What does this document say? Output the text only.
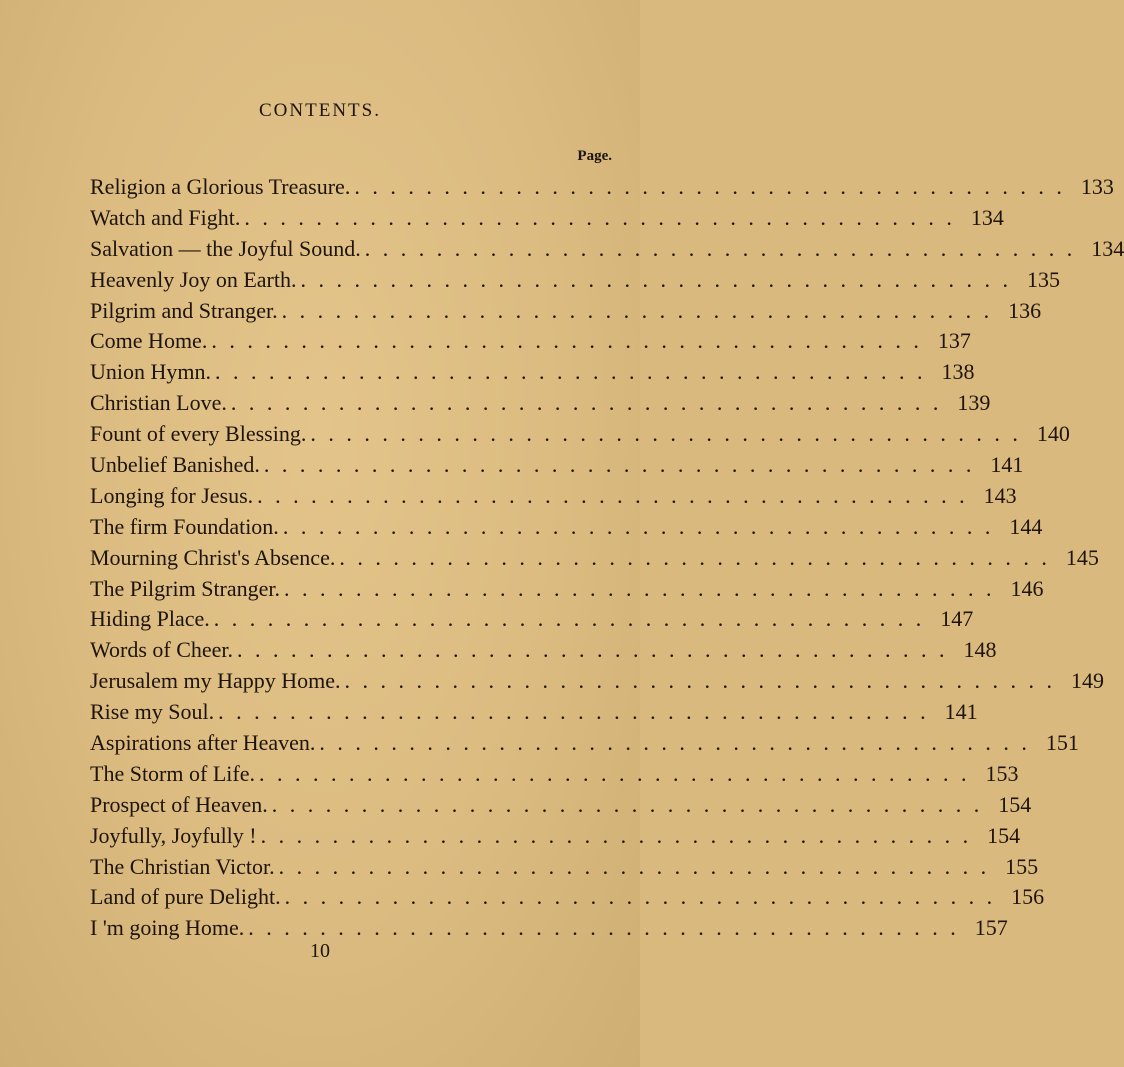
CONTENTS.
Page.
Religion a Glorious Treasure. . . . . . . . . . . . . . . . . . . . . . . . . . . . . . . . . . . . . . . . . 133
Watch and Fight. . . . . . . . . . . . . . . . . . . . . . . . . . . . . . . . . . . . . . . . . 134
Salvation — the Joyful Sound. . . . . . . . . . . . . . . . . . . . . . . . . . . . . . . . . . . . . . . . . 134
Heavenly Joy on Earth. . . . . . . . . . . . . . . . . . . . . . . . . . . . . . . . . . . . . . . . . 135
Pilgrim and Stranger. . . . . . . . . . . . . . . . . . . . . . . . . . . . . . . . . . . . . . . . . 136
Come Home. . . . . . . . . . . . . . . . . . . . . . . . . . . . . . . . . . . . . . . . . 137
Union Hymn. . . . . . . . . . . . . . . . . . . . . . . . . . . . . . . . . . . . . . . . . 138
Christian Love. . . . . . . . . . . . . . . . . . . . . . . . . . . . . . . . . . . . . . . . . 139
Fount of every Blessing. . . . . . . . . . . . . . . . . . . . . . . . . . . . . . . . . . . . . . . . . 140
Unbelief Banished. . . . . . . . . . . . . . . . . . . . . . . . . . . . . . . . . . . . . . . . . 141
Longing for Jesus. . . . . . . . . . . . . . . . . . . . . . . . . . . . . . . . . . . . . . . . . 143
The firm Foundation. . . . . . . . . . . . . . . . . . . . . . . . . . . . . . . . . . . . . . . . . 144
Mourning Christ's Absence. . . . . . . . . . . . . . . . . . . . . . . . . . . . . . . . . . . . . . . . . 145
The Pilgrim Stranger. . . . . . . . . . . . . . . . . . . . . . . . . . . . . . . . . . . . . . . . . 146
Hiding Place. . . . . . . . . . . . . . . . . . . . . . . . . . . . . . . . . . . . . . . . . 147
Words of Cheer. . . . . . . . . . . . . . . . . . . . . . . . . . . . . . . . . . . . . . . . . 148
Jerusalem my Happy Home. . . . . . . . . . . . . . . . . . . . . . . . . . . . . . . . . . . . . . . . . 149
Rise my Soul. . . . . . . . . . . . . . . . . . . . . . . . . . . . . . . . . . . . . . . . . 141
Aspirations after Heaven. . . . . . . . . . . . . . . . . . . . . . . . . . . . . . . . . . . . . . . . . 151
The Storm of Life. . . . . . . . . . . . . . . . . . . . . . . . . . . . . . . . . . . . . . . . . 153
Prospect of Heaven. . . . . . . . . . . . . . . . . . . . . . . . . . . . . . . . . . . . . . . . . 154
Joyfully, Joyfully ! . . . . . . . . . . . . . . . . . . . . . . . . . . . . . . . . . . . . . . . . 154
The Christian Victor. . . . . . . . . . . . . . . . . . . . . . . . . . . . . . . . . . . . . . . . . 155
Land of pure Delight. . . . . . . . . . . . . . . . . . . . . . . . . . . . . . . . . . . . . . . . . 156
I 'm going Home. . . . . . . . . . . . . . . . . . . . . . . . . . . . . . . . . . . . . . . . . 157
10
